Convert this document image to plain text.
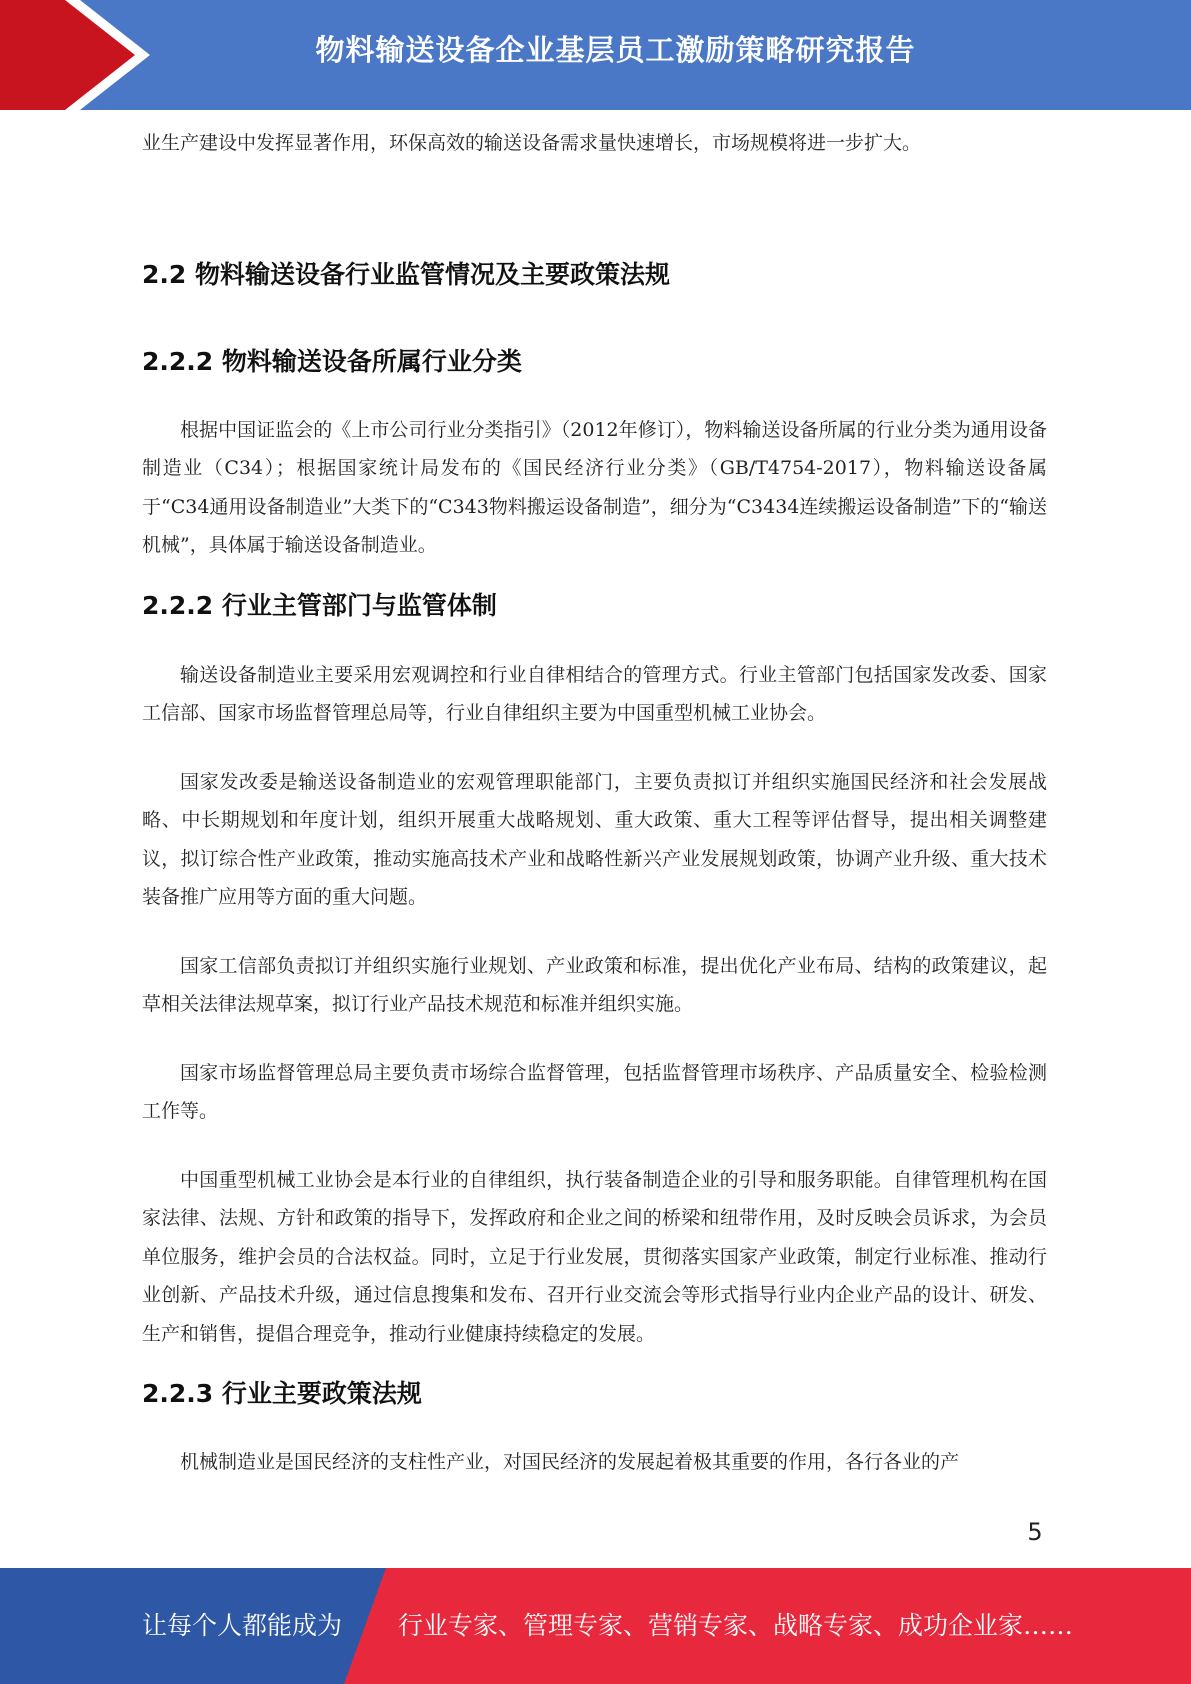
物料输送设备企业基层员工激励策略研究报告

业生产建设中发挥显著作用，环保高效的输送设备需求量快速增长，市场规模将进一步扩大。

2.2 物料输送设备行业监管情况及主要政策法规
2.2.2 物料输送设备所属行业分类

根据中国证监会的《上市公司行业分类指引》（2012年修订），物料输送设备所属的行业分类为通用设备制造业（C34）；根据国家统计局发布的《国民经济行业分类》（GB/T4754-2017），物料输送设备属于“C34通用设备制造业”大类下的“C343物料搬运设备制造”，细分为“C3434连续搬运设备制造”下的“输送机械”，具体属于输送设备制造业。

2.2.2 行业主管部门与监管体制

输送设备制造业主要采用宏观调控和行业自律相结合的管理方式。行业主管部门包括国家发改委、国家工信部、国家市场监督管理总局等，行业自律组织主要为中国重型机械工业协会。

国家发改委是输送设备制造业的宏观管理职能部门，主要负责拟订并组织实施国民经济和社会发展战略、中长期规划和年度计划，组织开展重大战略规划、重大政策、重大工程等评估督导，提出相关调整建议，拟订综合性产业政策，推动实施高技术产业和战略性新兴产业发展规划政策，协调产业升级、重大技术装备推广应用等方面的重大问题。

国家工信部负责拟订并组织实施行业规划、产业政策和标准，提出优化产业布局、结构的政策建议，起草相关法律法规草案，拟订行业产品技术规范和标准并组织实施。

国家市场监督管理总局主要负责市场综合监督管理，包括监督管理市场秩序、产品质量安全、检验检测工作等。

中国重型机械工业协会是本行业的自律组织，执行装备制造企业的引导和服务职能。自律管理机构在国家法律、法规、方针和政策的指导下，发挥政府和企业之间的桥梁和纽带作用，及时反映会员诉求，为会员单位服务，维护会员的合法权益。同时，立足于行业发展，贯彻落实国家产业政策，制定行业标准、推动行业创新、产品技术升级，通过信息搜集和发布、召开行业交流会等形式指导行业内企业产品的设计、研发、生产和销售，提倡合理竞争，推动行业健康持续稳定的发展。

2.2.3 行业主要政策法规

机械制造业是国民经济的支柱性产业，对国民经济的发展起着极其重要的作用，各行各业的产

5
让每个人都能成为 行业专家、管理专家、营销专家、战略专家、成功企业家……
